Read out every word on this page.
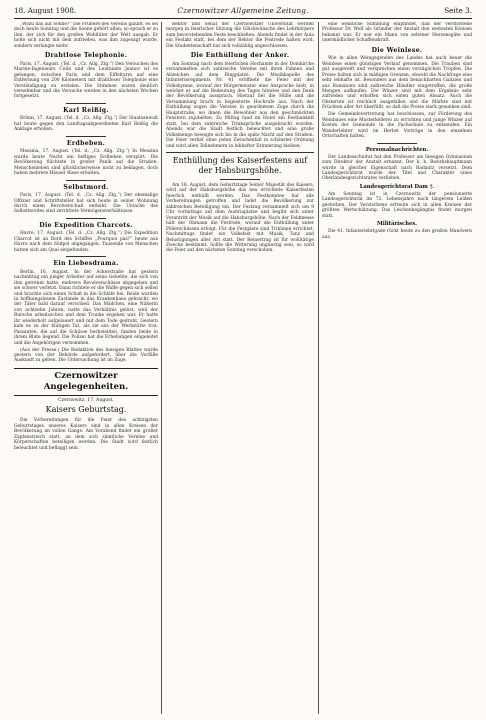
18. August 1908.	Czernowitzer Allgemeine Zeitung.	Seite 3.

„Wozu das auf Sonne?“ Die Frühere des Vereins glaubt, es sei doch heute Sonntag und die Sonne gehört allen; so sprach er zu ihm, der sich für den großen Wohltäter der Welt ausgab. Er holte sich nicht mit dem zufrieden, was ihm zugesagt wurde, sondern verlangte mehr.

Drahtlose Telephonie.

Paris, 17. August. (Tel. d. „Cz. Allg. Ztg.“) Den Versuchen des Marine-Ingenieurs Colin und des Leutnants Jeance ist es gelungen, zwischen Paris und dem Eiffelturm auf eine Entfernung von 200 Kilometern mit drahtloser Telephonie eine Verständigung zu erzielen. Die Stimmen waren deutlich vernehmbar und die Versuche werden in den nächsten Wochen fortgesetzt.

Karl Reißig.

Brünn, 17. August. (Tel. d. „Cz. Allg. Ztg.“) Der Staatsanwalt hat heute gegen den Landtagsabgeordneten Karl Reißig die Anklage erhoben.

Erdbeben.

Messina, 17. August. (Tel. d. „Cz. Allg. Ztg.“) In Messina wurde heute Nacht ein heftiges Erdbeben verspürt. Die Bevölkerung flüchtete in großer Panik auf die Straßen. Menschenleben sind glücklicherweise nicht zu beklagen, doch haben mehrere Häuser Risse erhalten.

Selbstmord.

Paris, 17. August. (Tel. d. „Cz. Allg. Ztg.“) Der ehemalige Offizier und Schriftsteller hat sich heute in seiner Wohnung durch einen Revolverschuß entleibt. Die Ursache des Selbstmordes sind zerrüttete Vermögensverhältnisse.

Die Expedition Charcots.

Havre, 17. August. (Tel. d. „Cz. Allg. Ztg.“) Die Expedition Charcot ist an Bord des Schiffes „Pourquoi pas?“ heute aus Havre nach dem Südpol abgegangen. Tausende von Menschen hatten sich am Quai eingefunden.

Ein Liebesdrama.

Berlin, 16. August. In der Ackerstraße hat gestern nachmittag ein junger Arbeiter auf seine Geliebte, die sich von ihm getrennt hatte, mehrere Revolverschüsse abgegeben und sie schwer verletzt. Dann richtete er die Waffe gegen sich selbst und brachte sich einen Schuß in die Schläfe bei. Beide wurden in hoffnungslosem Zustande in das Krankenhaus gebracht, wo der Täter bald darauf verschied. Das Mädchen, eine Näherin von achtzehn Jahren, hatte das Verhältnis gelöst, weil der Bursche arbeitsscheu und dem Trunke ergeben war. Er hatte ihr wiederholt aufgelauert und mit dem Tode gedroht. Gestern kam es zu der blutigen Tat, als sie aus der Werkstätte trat. Passanten, die auf die Schüsse herbeieilten, fanden beide in ihrem Blute liegend. Die Polizei hat die Erhebungen eingeleitet und die Angehörigen vernommen.

(Aus der Presse.) Die Redaktion des hiesigen Blattes wurde gestern von der Behörde aufgefordert, über die Vorfälle Auskunft zu geben. Die Untersuchung ist im Zuge.

Czernowitzer Angelegenheiten.
Czernowitz, 17. August.
Kaisers Geburtstag.

Die Vorbereitungen für die Feier des achtzigsten Geburtstages unseres Kaisers sind in allen Kreisen der Bevölkerung im vollen Gange. Am Vorabend findet ein großer Zapfenstreich statt, an dem sich sämtliche Vereine und Körperschaften beteiligen werden. Die Stadt wird festlich beleuchtet und beflaggt sein.

Rektor und Senat der Czernowitzer Universität werden morgen in feierlicher Sitzung die Glückwünsche des Lehrkörpers zum bevorstehenden Feste beschließen. Abends findet in der Aula ein Festakt statt, bei dem der Rektor die Festrede halten wird. Die Studentenschaft hat sich vollzählig angeschlossen.

Die Enthüllung der Anker.

Am Sonntag nach dem feierlichen Hochamte in der Domkirche versammelten sich zahlreiche Vereine mit ihren Fahnen und Abzeichen auf dem Ringplatze. Die Musikkapelle des Infanterieregiments Nr. 41 eröffnete die Feier mit der Volkshymne, worauf der Bürgermeister eine Ansprache hielt, in welcher er auf die Bedeutung des Tages hinwies und den Dank der Bevölkerung aussprach. Hierauf fiel die Hülle und die Versammlung brach in begeisterte Hochrufe aus. Nach der Enthüllung zogen die Vereine in geordnetem Zuge durch die Hauptstraße, wo ihnen die Bewohner aus den geschmückten Fenstern zujubelten. Zu Mittag fand im Hotel ein Festbankett statt, bei dem zahlreiche Trinksprüche ausgebracht wurden. Abends war die Stadt festlich beleuchtet und eine große Volksmenge bewegte sich bis in die späte Nacht auf den Straßen. Die Feier verlief ohne jeden Zwischenfall in schönster Ordnung und wird allen Teilnehmern in lebhafter Erinnerung bleiben.

Enthüllung des Kaiserfestens auf der Habsburgshöhe.

Am 18. August, dem Geburtstage Seiner Majestät des Kaisers, wird auf der Habsburgshöhe das neu errichtete Kaiserfesten feierlich enthüllt werden. Das Festkomitee hat alle Vorbereitungen getroffen und ladet die Bevölkerung zur zahlreichen Beteiligung ein. Der Festzug versammelt sich um 9 Uhr vormittags auf dem Austriaplatze und begibt sich unter Vorantritt der Musik auf die Habsburgshöhe. Nach der Feldmesse hält der Obmann die Festrede, worauf die Enthüllung unter Pöllerschüssen erfolgt. Für die Festgäste sind Tribünen errichtet. Nachmittags findet ein Volksfest mit Musik, Tanz und Belustigungen aller Art statt. Der Reinertrag ist für wohltätige Zwecke bestimmt. Sollte die Witterung ungünstig sein, so wird die Feier auf den nächsten Sonntag verschoben.

eine weibliche Stimmung empfindet, daß der verstorbene Professor Dr. Wolf als Gründer der Anstalt den weitesten Kreisen bekannt war. Er war ein Mann von seltener Herzensgüte und unermüdlicher Schaffenskraft.

Die Weinlese.

Wie in allen Weingegenden des Landes hat auch heuer die Weinlese einen günstigen Verlauf genommen. Die Trauben sind gut ausgereift und versprechen einen vorzüglichen Tropfen. Die Preise halten sich in mäßigen Grenzen, obwohl die Nachfrage eine sehr lebhafte ist. Besonders aus dem benachbarten Galizien und aus Rumänien sind zahlreiche Händler eingetroffen, die große Mengen aufkaufen. Die Winzer sind mit dem Ergebnis sehr zufrieden und erhoffen sich einen guten Absatz. Auch die Obsternte ist reichlich ausgefallen und die Märkte sind mit Früchten aller Art überfüllt, so daß die Preise stark gesunken sind.

Die Gemeindevertretung hat beschlossen, zur Förderung des Weinbaues eine Musterkellerei zu errichten und junge Winzer auf Kosten der Gemeinde in die Fachschule zu entsenden. Ein Wanderlehrer wird im Herbst Vorträge in den einzelnen Ortschaften halten.

Personalnachrichten.

Der Landesschulrat hat den Professor am hiesigen Gymnasium zum Direktor der Anstalt ernannt. Der k. k. Bezirkshauptmann wurde in gleicher Eigenschaft nach Radautz versetzt. Dem Landesgerichtsrat wurde der Titel und Charakter eines Oberlandesgerichtsrates verliehen.

Landesgerichtsrat Dam †.

Am Sonntag ist in Czernowitz der pensionierte Landesgerichtsrat im 72. Lebensjahre nach längerem Leiden gestorben. Der Verstorbene erfreute sich in allen Kreisen der größten Wertschätzung. Das Leichenbegängnis findet morgen statt.

Militärisches.

Die 41. Infanteriebrigade rückt heute zu den großen Manövern aus.
